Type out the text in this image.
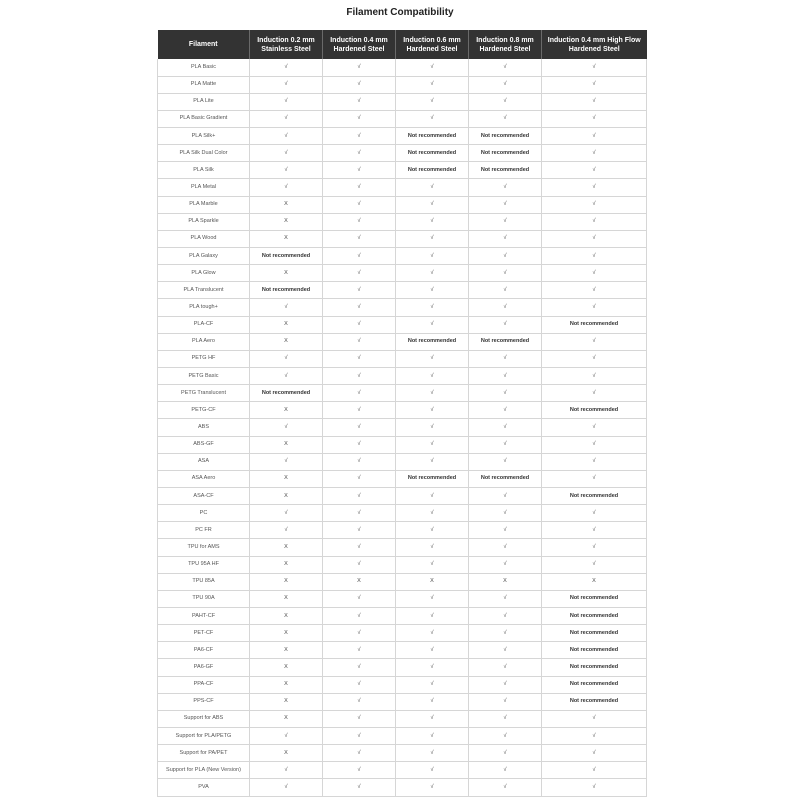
Filament Compatibility
Filament	Induction 0.2 mm Stainless Steel	Induction 0.4 mm Hardened Steel	Induction 0.6 mm Hardened Steel	Induction 0.8 mm Hardened Steel	Induction 0.4 mm High Flow Hardened Steel
PLA Basic	√	√	√	√	√
PLA Matte	√	√	√	√	√
PLA Lite	√	√	√	√	√
PLA Basic Gradient	√	√	√	√	√
PLA Silk+	√	√	Not recommended	Not recommended	√
PLA Silk Dual Color	√	√	Not recommended	Not recommended	√
PLA Silk	√	√	Not recommended	Not recommended	√
PLA Metal	√	√	√	√	√
PLA Marble	X	√	√	√	√
PLA Sparkle	X	√	√	√	√
PLA Wood	X	√	√	√	√
PLA Galaxy	Not recommended	√	√	√	√
PLA Glow	X	√	√	√	√
PLA Translucent	Not recommended	√	√	√	√
PLA tough+	√	√	√	√	√
PLA-CF	X	√	√	√	Not recommended
PLA Aero	X	√	Not recommended	Not recommended	√
PETG HF	√	√	√	√	√
PETG Basic	√	√	√	√	√
PETG Translucent	Not recommended	√	√	√	√
PETG-CF	X	√	√	√	Not recommended
ABS	√	√	√	√	√
ABS-GF	X	√	√	√	√
ASA	√	√	√	√	√
ASA Aero	X	√	Not recommended	Not recommended	√
ASA-CF	X	√	√	√	Not recommended
PC	√	√	√	√	√
PC FR	√	√	√	√	√
TPU for AMS	X	√	√	√	√
TPU 95A HF	X	√	√	√	√
TPU 85A	X	X	X	X	X
TPU 90A	X	√	√	√	Not recommended
PAHT-CF	X	√	√	√	Not recommended
PET-CF	X	√	√	√	Not recommended
PA6-CF	X	√	√	√	Not recommended
PA6-GF	X	√	√	√	Not recommended
PPA-CF	X	√	√	√	Not recommended
PPS-CF	X	√	√	√	Not recommended
Support for ABS	X	√	√	√	√
Support for PLA/PETG	√	√	√	√	√
Support for PA/PET	X	√	√	√	√
Support for PLA (New Version)	√	√	√	√	√
PVA	√	√	√	√	√
